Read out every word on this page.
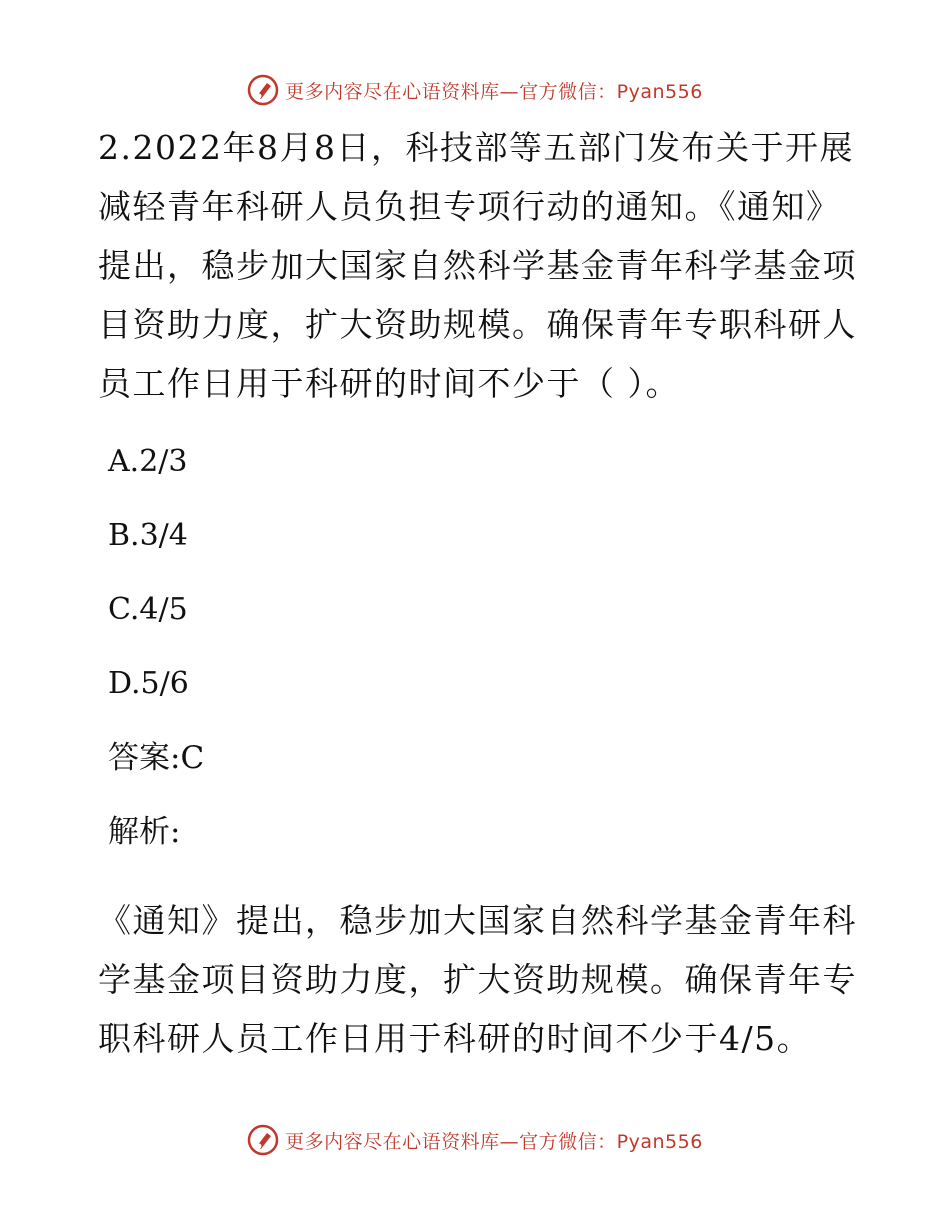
更多内容尽在心语资料库—官方微信：Pyan556

2.2022年8月8日，科技部等五部门发布关于开展减轻青年科研人员负担专项行动的通知。《通知》提出，稳步加大国家自然科学基金青年科学基金项目资助力度，扩大资助规模。确保青年专职科研人员工作日用于科研的时间不少于（ ）。

A.2/3
B.3/4
C.4/5
D.5/6
答案:C
解析:

《通知》提出，稳步加大国家自然科学基金青年科学基金项目资助力度，扩大资助规模。确保青年专职科研人员工作日用于科研的时间不少于4/5。

更多内容尽在心语资料库—官方微信：Pyan556
